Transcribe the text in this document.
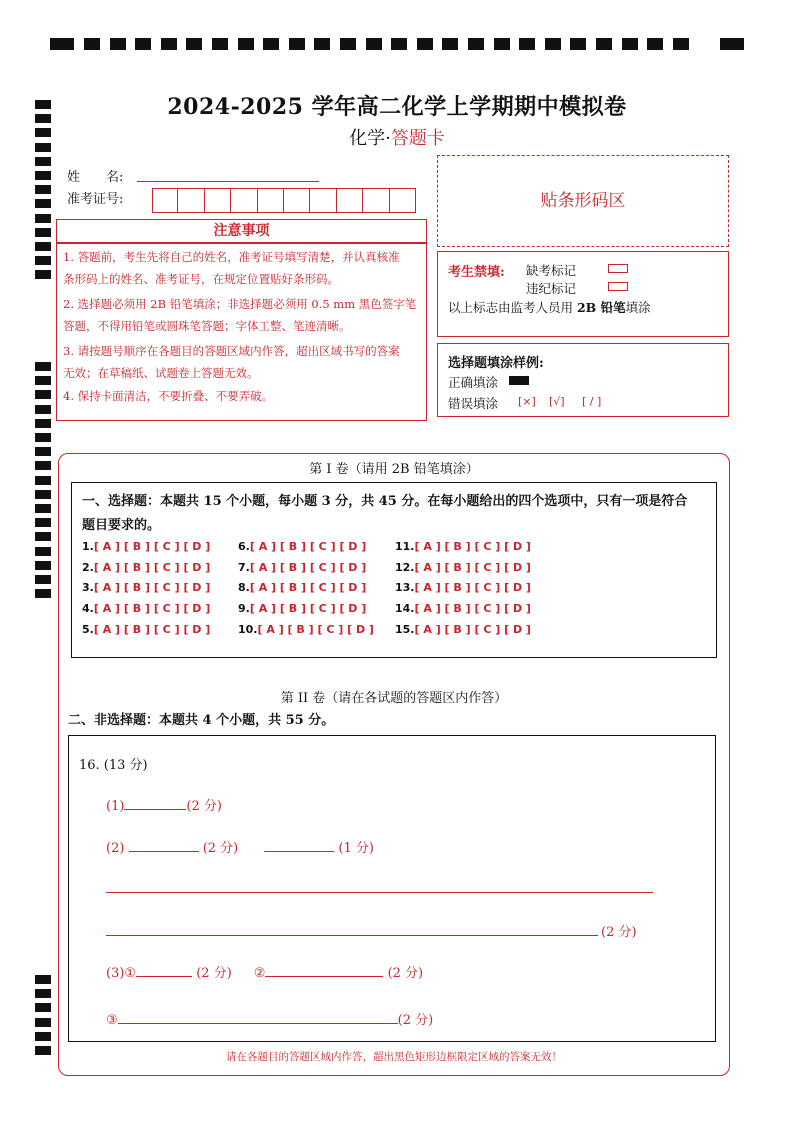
2024-2025 学年高二化学上学期期中模拟卷
化学·答题卡
姓　　名:
准考证号:	贴条形码区
注意事项

1. 答题前，考生先将自己的姓名，准考证号填写清楚，并认真核准

条形码上的姓名、准考证号，在规定位置贴好条形码。

2. 选择题必须用 2B 铅笔填涂；非选择题必须用 0.5 mm 黑色签字笔

答题，不得用铅笔或圆珠笔答题；字体工整、笔迹清晰。

3. 请按题号顺序在各题目的答题区域内作答，超出区域书写的答案

无效；在草稿纸、试题卷上答题无效。

4. 保持卡面清洁，不要折叠、不要弄破。

考生禁填: 缺考标记
违纪标记
以上标志由监考人员用 2B 铅笔填涂
选择题填涂样例:
正确填涂
错误填涂 [×] [√] [ / ]
第 I 卷（请用 2B 铅笔填涂）
一、选择题：本题共 15 个小题，每小题 3 分，共 45 分。在每小题给出的四个选项中，只有一项是符合
题目要求的。
1.[ A ] [ B ] [ C ] [ D ]
2.[ A ] [ B ] [ C ] [ D ]
3.[ A ] [ B ] [ C ] [ D ]
4.[ A ] [ B ] [ C ] [ D ]
5.[ A ] [ B ] [ C ] [ D ]
6.[ A ] [ B ] [ C ] [ D ]
7.[ A ] [ B ] [ C ] [ D ]
8.[ A ] [ B ] [ C ] [ D ]
9.[ A ] [ B ] [ C ] [ D ]
10.[ A ] [ B ] [ C ] [ D ]
11.[ A ] [ B ] [ C ] [ D ]
12.[ A ] [ B ] [ C ] [ D ]
13.[ A ] [ B ] [ C ] [ D ]
14.[ A ] [ B ] [ C ] [ D ]
15.[ A ] [ B ] [ C ] [ D ]
第 II 卷（请在各试题的答题区内作答）
二、非选择题：本题共 4 个小题，共 55 分。
16. (13 分)
(1)	(2 分)
(2)	(2 分)	(1 分)
(2 分)
(3)①	(2 分) ②	(2 分)
③	(2 分)
请在各题目的答题区域内作答，超出黑色矩形边框限定区域的答案无效！
